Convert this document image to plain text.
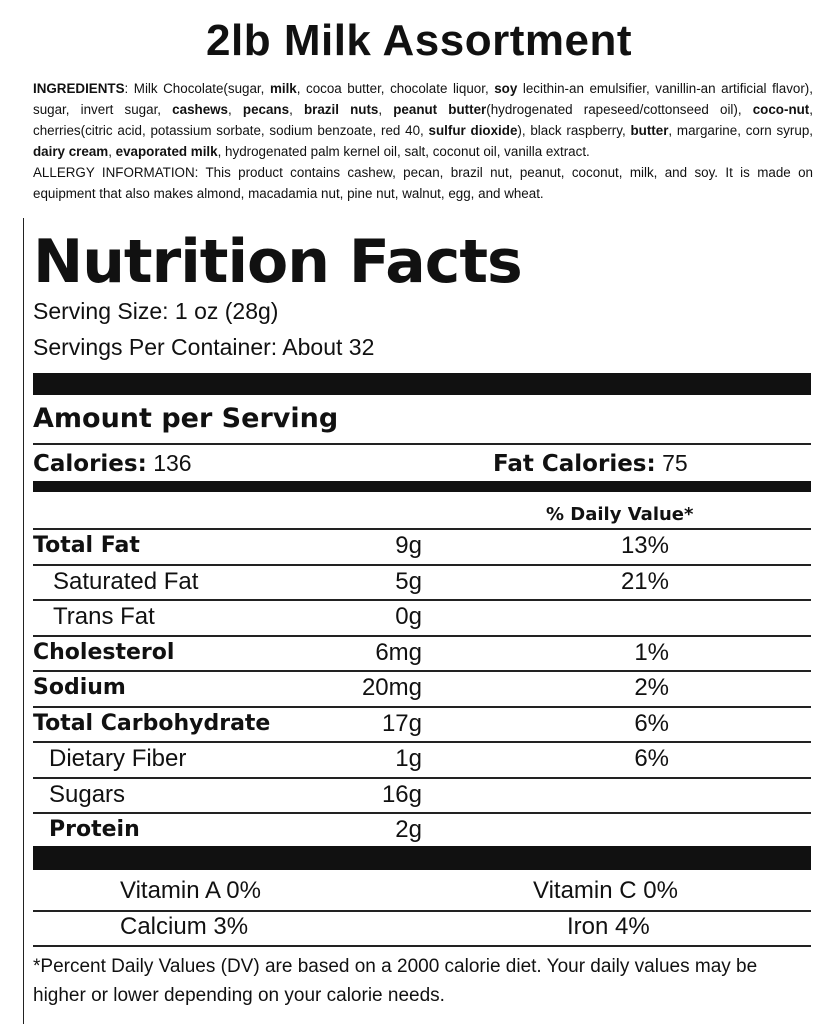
2lb Milk Assortment
INGREDIENTS: Milk Chocolate(sugar, milk, cocoa butter, chocolate liquor, soy lecithin-an emulsifier, vanillin-an artificial flavor), sugar, invert sugar, cashews, pecans, brazil nuts, peanut butter(hydrogenated rapeseed/cottonseed oil), coco-nut, cherries(citric acid, potassium sorbate, sodium benzoate, red 40, sulfur dioxide), black raspberry, butter, margarine, corn syrup, dairy cream, evaporated milk, hydrogenated palm kernel oil, salt, coconut oil, vanilla extract.
ALLERGY INFORMATION: This product contains cashew, pecan, brazil nut, peanut, coconut, milk, and soy. It is made on equipment that also makes almond, macadamia nut, pine nut, walnut, egg, and wheat.
Nutrition Facts
Serving Size: 1 oz (28g)
Servings Per Container: About 32
Amount per Serving
Calories: 136	Fat Calories: 75
% Daily Value*
Total Fat	9g	13%
Saturated Fat	5g	21%
Trans Fat	0g
Cholesterol	6mg	1%
Sodium	20mg	2%
Total Carbohydrate	17g	6%
Dietary Fiber	1g	6%
Sugars	16g
Protein	2g
Vitamin A 0%	Vitamin C 0%
Calcium 3%	Iron 4%
*Percent Daily Values (DV) are based on a 2000 calorie diet. Your daily values may be higher or lower depending on your calorie needs.
